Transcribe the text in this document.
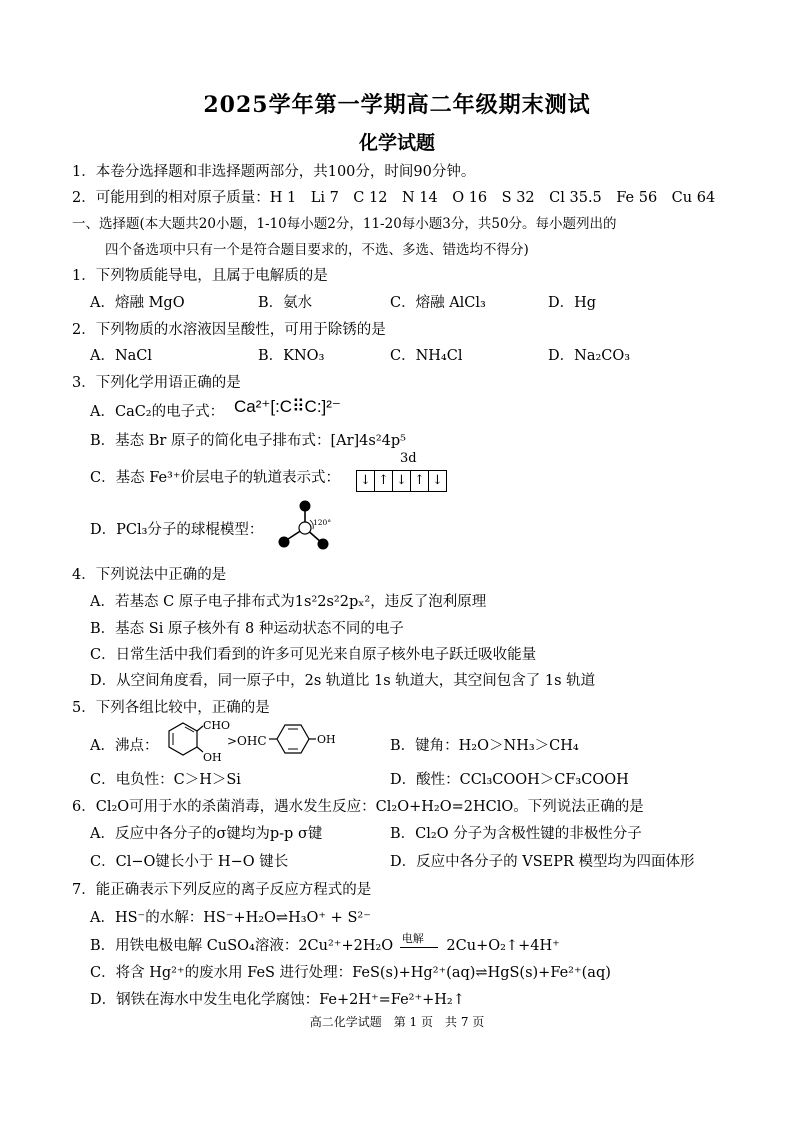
2025学年第一学期高二年级期末测试
化学试题
1．本卷分选择题和非选择题两部分，共100分，时间90分钟。
2．可能用到的相对原子质量：H 1　Li 7　C 12　N 14　O 16　S 32　Cl 35.5　Fe 56　Cu 64
一、选择题(本大题共20小题，1-10每小题2分，11-20每小题3分，共50分。每小题列出的
四个备选项中只有一个是符合题目要求的，不选、多选、错选均不得分)
1．下列物质能导电，且属于电解质的是
A．熔融 MgO	B．氨水	C．熔融 AlCl₃	D．Hg
2．下列物质的水溶液因呈酸性，可用于除锈的是
A．NaCl	B．KNO₃	C．NH₄Cl	D．Na₂CO₃
3．下列化学用语正确的是
A．CaC₂的电子式： Ca²⁺[:C⠿C:]²⁻
B．基态 Br 原子的简化电子排布式：[Ar]4s²4p⁵
C．基态 Fe³⁺价层电子的轨道表示式：
3d
↓ ↑ ↓ ↑ ↓
D．PCl₃分子的球棍模型：	120°
4．下列说法中正确的是
A．若基态 C 原子电子排布式为1s²2s²2pₓ²，违反了泡利原理
B．基态 Si 原子核外有 8 种运动状态不同的电子
C．日常生活中我们看到的许多可见光来自原子核外电子跃迁吸收能量
D．从空间角度看，同一原子中，2s 轨道比 1s 轨道大，其空间包含了 1s 轨道
5．下列各组比较中，正确的是
A．沸点：
CHO
OH
>OHC	OH	B．键角：H₂O＞NH₃＞CH₄
C．电负性：C＞H＞Si	D．酸性：CCl₃COOH＞CF₃COOH
6．Cl₂O可用于水的杀菌消毒，遇水发生反应：Cl₂O+H₂O=2HClO。下列说法正确的是
A．反应中各分子的σ键均为p-p σ键	B．Cl₂O 分子为含极性键的非极性分子
C．Cl−O键长小于 H−O 键长	D．反应中各分子的 VSEPR 模型均为四面体形
7．能正确表示下列反应的离子反应方程式的是
A．HS⁻的水解：HS⁻+H₂O⇌H₃O⁺ + S²⁻
B．用铁电极电解 CuSO₄溶液：2Cu²⁺+2H₂O 电解 2Cu+O₂↑+4H⁺
C．将含 Hg²⁺的废水用 FeS 进行处理：FeS(s)+Hg²⁺(aq)⇌HgS(s)+Fe²⁺(aq)
D．钢铁在海水中发生电化学腐蚀：Fe+2H⁺=Fe²⁺+H₂↑
高二化学试题　第 1 页　共 7 页
